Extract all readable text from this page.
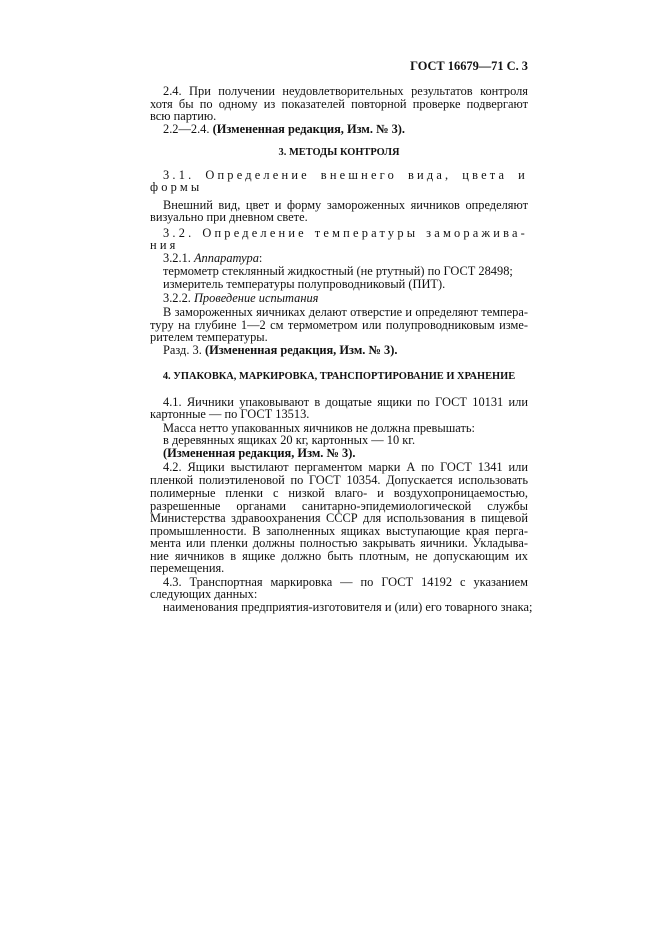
ГОСТ 16679—71 С. 3
2.4. При получении неудовлетворительных результатов контроля
хотя бы по одному из показателей повторной проверке подвергают
всю партию.
2.2—2.4. (Измененная редакция, Изм. № 3).
3. МЕТОДЫ КОНТРОЛЯ
3.1. Определение внешнего вида, цвета и
формы
Внешний вид, цвет и форму замороженных яичников определяют
визуально при дневном свете.
3.2. Определение температуры заморажива-
ния
3.2.1. Аппаратура:
термометр стеклянный жидкостный (не ртутный) по ГОСТ 28498;
измеритель температуры полупроводниковый (ПИТ).
3.2.2. Проведение испытания
В замороженных яичниках делают отверстие и определяют темпера-
туру на глубине 1—2 см термометром или полупроводниковым изме-
рителем температуры.
Разд. 3. (Измененная редакция, Изм. № 3).
4. УПАКОВКА, МАРКИРОВКА, ТРАНСПОРТИРОВАНИЕ И ХРАНЕНИЕ
4.1. Яичники упаковывают в дощатые ящики по ГОСТ 10131 или
картонные — по ГОСТ 13513.
Масса нетто упакованных яичников не должна превышать:
в деревянных ящиках 20 кг, картонных — 10 кг.
(Измененная редакция, Изм. № 3).
4.2. Ящики выстилают пергаментом марки А по ГОСТ 1341 или
пленкой полиэтиленовой по ГОСТ 10354. Допускается использовать
полимерные пленки с низкой влаго- и воздухопроницаемостью,
разрешенные органами санитарно-эпидемиологической службы
Министерства здравоохранения СССР для использования в пищевой
промышленности. В заполненных ящиках выступающие края перга-
мента или пленки должны полностью закрывать яичники. Укладыва-
ние яичников в ящике должно быть плотным, не допускающим их
перемещения.
4.3. Транспортная маркировка — по ГОСТ 14192 с указанием
следующих данных:
наименования предприятия-изготовителя и (или) его товарного знака;
